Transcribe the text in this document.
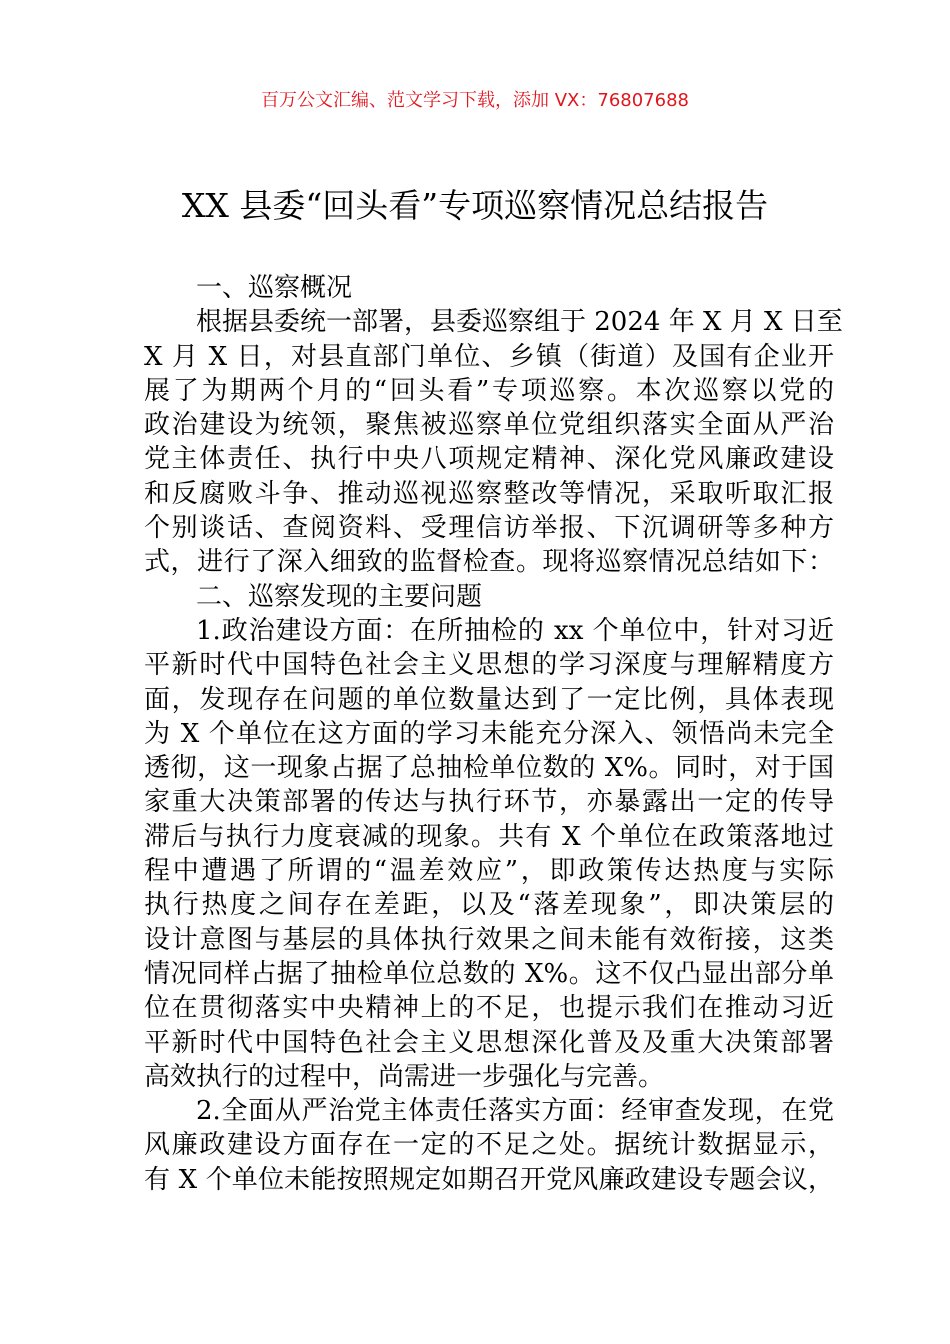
百万公文汇编、范文学习下载，添加 VX：76807688
XX 县委“回头看”专项巡察情况总结报告
一、巡察概况
根据县委统一部署，县委巡察组于 2024 年 X 月 X 日至
X 月 X 日，对县直部门单位、乡镇（街道）及国有企业开
展了为期两个月的“回头看”专项巡察。本次巡察以党的
政治建设为统领，聚焦被巡察单位党组织落实全面从严治
党主体责任、执行中央八项规定精神、深化党风廉政建设
和反腐败斗争、推动巡视巡察整改等情况，采取听取汇报
个别谈话、查阅资料、受理信访举报、下沉调研等多种方
式，进行了深入细致的监督检查。现将巡察情况总结如下：
二、巡察发现的主要问题
1.政治建设方面：在所抽检的 xx 个单位中，针对习近
平新时代中国特色社会主义思想的学习深度与理解精度方
面，发现存在问题的单位数量达到了一定比例，具体表现
为 X 个单位在这方面的学习未能充分深入、领悟尚未完全
透彻，这一现象占据了总抽检单位数的 X%。同时，对于国
家重大决策部署的传达与执行环节，亦暴露出一定的传导
滞后与执行力度衰减的现象。共有 X 个单位在政策落地过
程中遭遇了所谓的“温差效应”，即政策传达热度与实际
执行热度之间存在差距，以及“落差现象”，即决策层的
设计意图与基层的具体执行效果之间未能有效衔接，这类
情况同样占据了抽检单位总数的 X%。这不仅凸显出部分单
位在贯彻落实中央精神上的不足，也提示我们在推动习近
平新时代中国特色社会主义思想深化普及及重大决策部署
高效执行的过程中，尚需进一步强化与完善。
2.全面从严治党主体责任落实方面：经审查发现，在党
风廉政建设方面存在一定的不足之处。据统计数据显示，
有 X 个单位未能按照规定如期召开党风廉政建设专题会议，
